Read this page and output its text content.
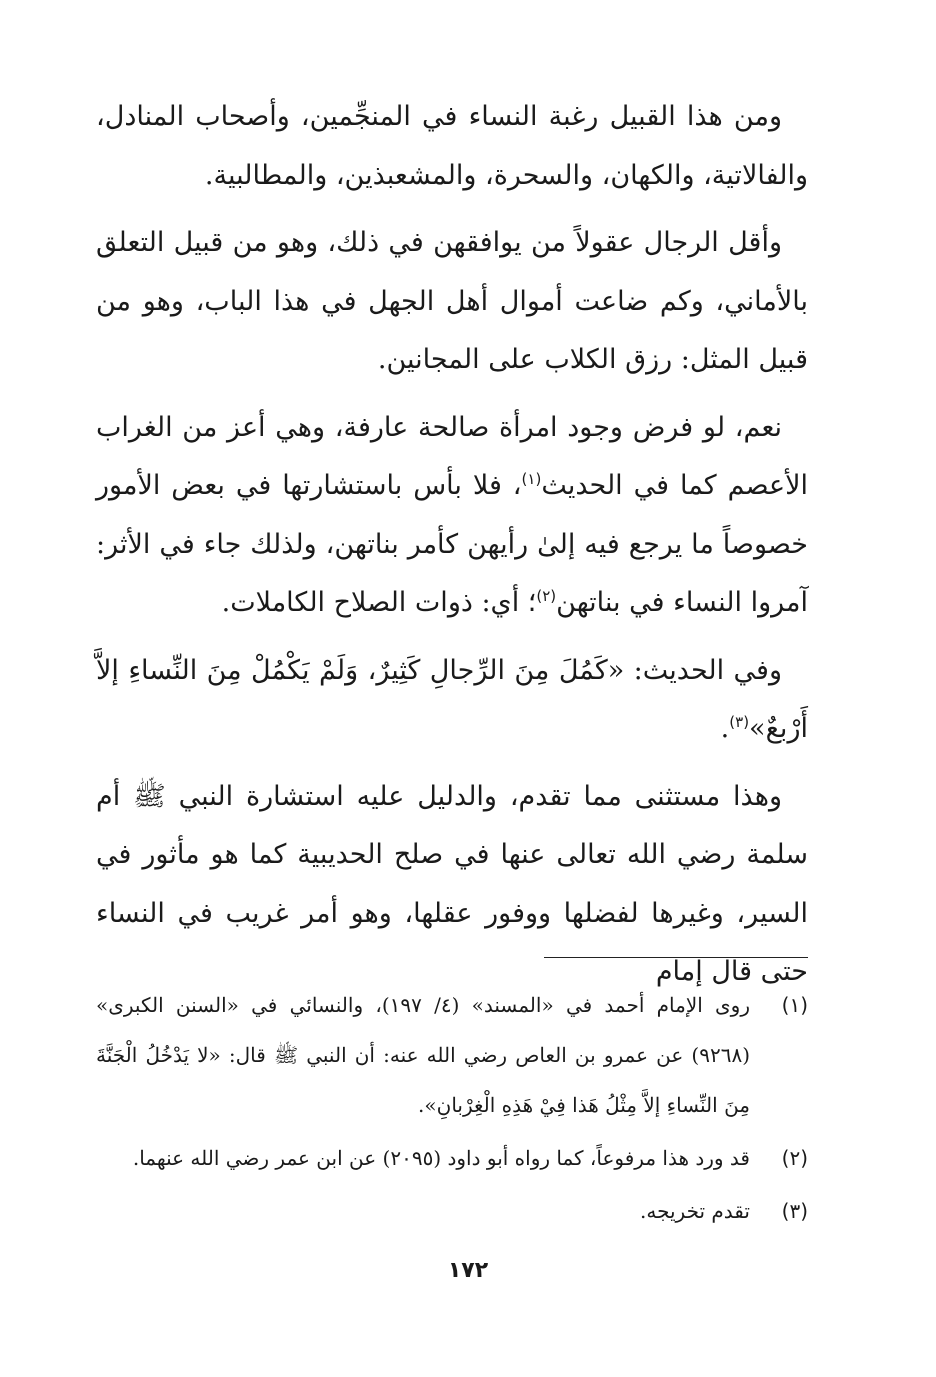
ومن هذا القبيل رغبة النساء في المنجِّمين، وأصحاب المنادل، والفالاتية، والكهان، والسحرة، والمشعبذين، والمطالبية.

وأقل الرجال عقولاً من يوافقهن في ذلك، وهو من قبيل التعلق بالأماني، وكم ضاعت أموال أهل الجهل في هذا الباب، وهو من قبيل المثل: رزق الكلاب على المجانين.

نعم، لو فرض وجود امرأة صالحة عارفة، وهي أعز من الغراب الأعصم كما في الحديث$^{(١)}$، فلا بأس باستشارتها في بعض الأمور خصوصاً ما يرجع فيه إلىٰ رأيهن كأمر بناتهن، ولذلك جاء في الأثر: آمروا النساء في بناتهن$^{(٢)}$؛ أي: ذوات الصلاح الكاملات.

وفي الحديث: «كَمُلَ مِنَ الرِّجالِ كَثِيرٌ، وَلَمْ يَكْمُلْ مِنَ النِّساءِ إلاَّ أَرْبعٌ»$^{(٣)}$.

وهذا مستثنى مما تقدم، والدليل عليه استشارة النبي ﷺ أم سلمة رضي الله تعالى عنها في صلح الحديبية كما هو مأثور في السير، وغيرها لفضلها ووفور عقلها، وهو أمر غريب في النساء حتى قال إمام

(١)
روى الإمام أحمد في «المسند» (٤/ ١٩٧)، والنسائي في «السنن الكبرى» (٩٢٦٨) عن عمرو بن العاص رضي الله عنه: أن النبي ﷺ قال: «لا يَدْخُلُ الْجَنَّةَ مِنَ النِّساءِ إلاَّ مِثْلُ هَذا فِيْ هَذِهِ الْغِرْبانِ».
(٢)
قد ورد هذا مرفوعاً، كما رواه أبو داود (٢٠٩٥) عن ابن عمر رضي الله عنهما.
(٣)
تقدم تخريجه.
١٧٢
